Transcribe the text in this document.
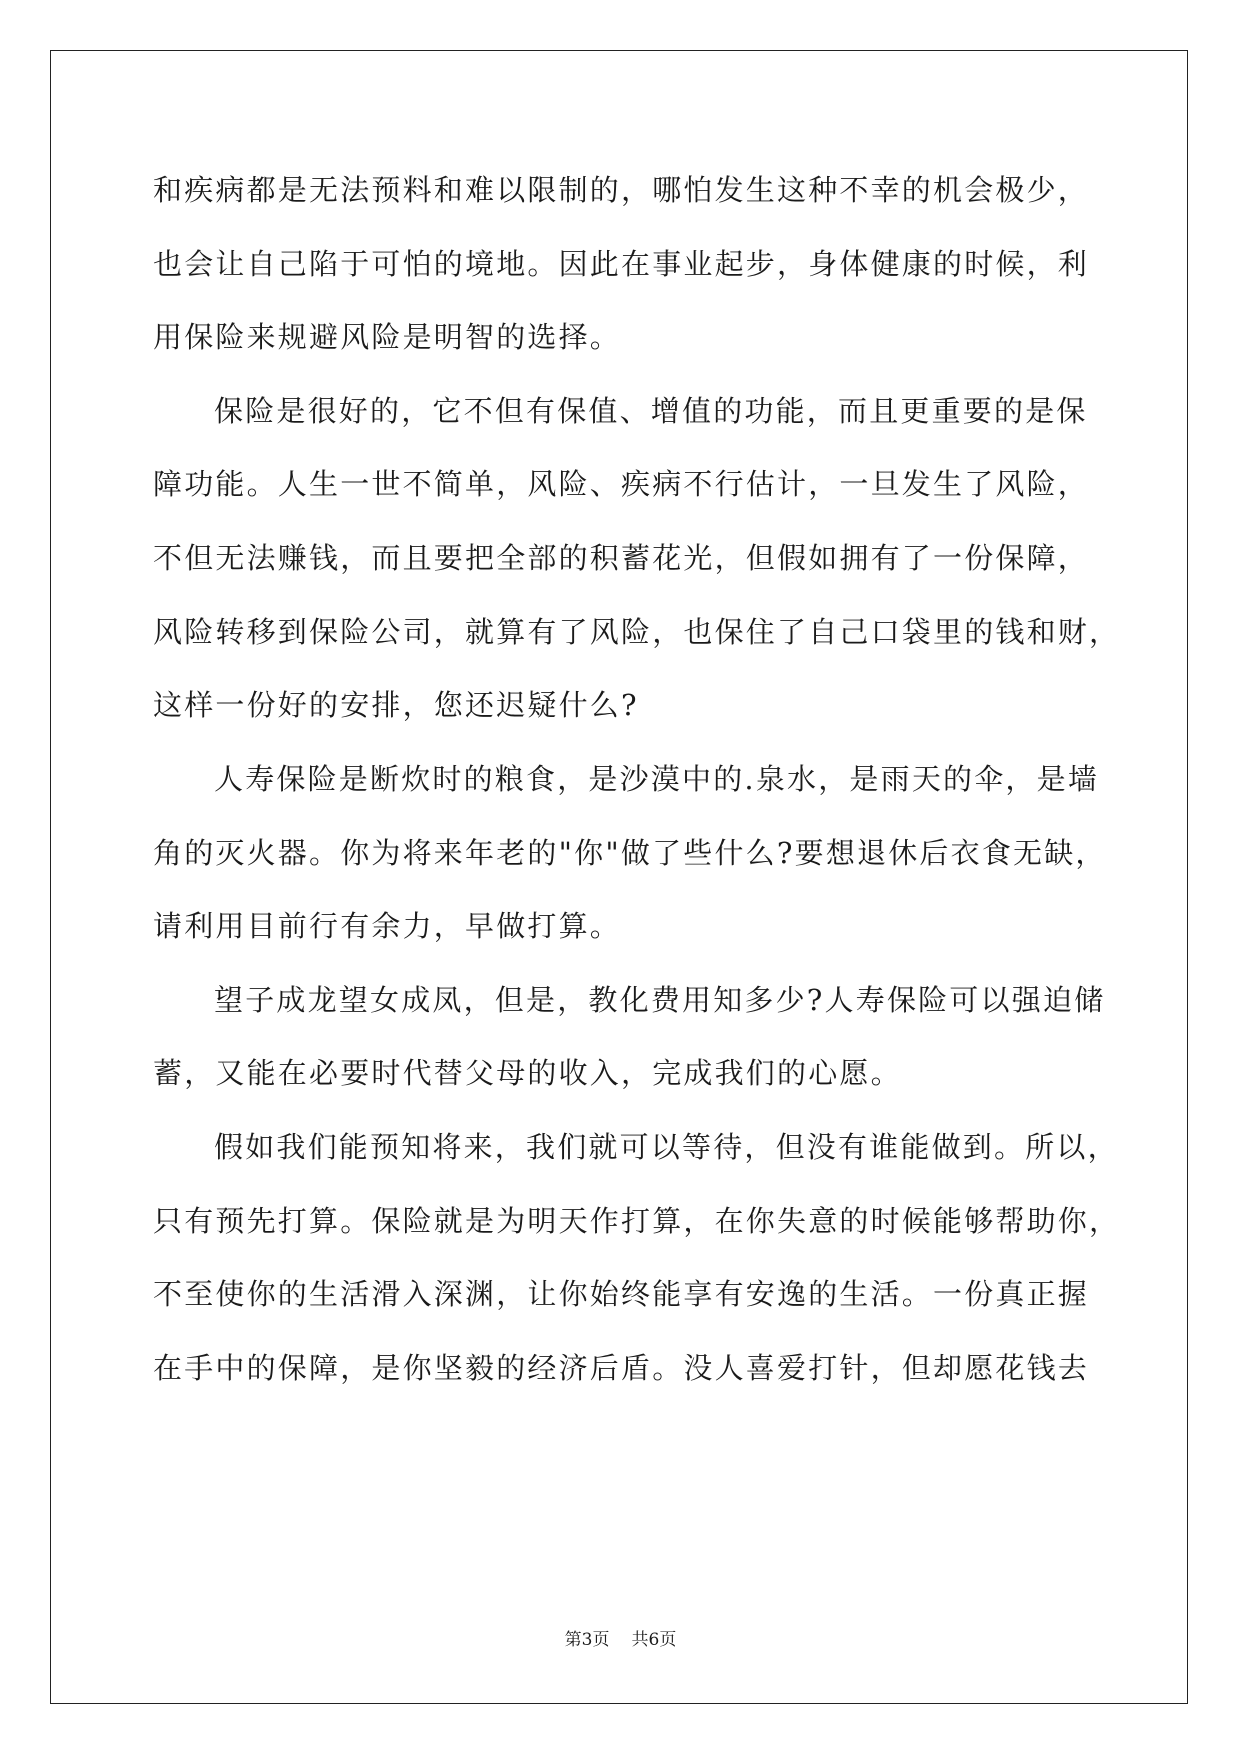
和疾病都是无法预料和难以限制的，哪怕发生这种不幸的机会极少，
也会让自己陷于可怕的境地。因此在事业起步，身体健康的时候，利
用保险来规避风险是明智的选择。
保险是很好的，它不但有保值、增值的功能，而且更重要的是保
障功能。人生一世不简单，风险、疾病不行估计，一旦发生了风险，
不但无法赚钱，而且要把全部的积蓄花光，但假如拥有了一份保障，
风险转移到保险公司，就算有了风险，也保住了自己口袋里的钱和财，
这样一份好的安排，您还迟疑什么?
人寿保险是断炊时的粮食，是沙漠中的.泉水，是雨天的伞，是墙
角的灭火器。你为将来年老的"你"做了些什么?要想退休后衣食无缺，
请利用目前行有余力，早做打算。
望子成龙望女成凤，但是，教化费用知多少?人寿保险可以强迫储
蓄，又能在必要时代替父母的收入，完成我们的心愿。
假如我们能预知将来，我们就可以等待，但没有谁能做到。所以，
只有预先打算。保险就是为明天作打算，在你失意的时候能够帮助你，
不至使你的生活滑入深渊，让你始终能享有安逸的生活。一份真正握
在手中的保障，是你坚毅的经济后盾。没人喜爱打针，但却愿花钱去
第3页 共6页
